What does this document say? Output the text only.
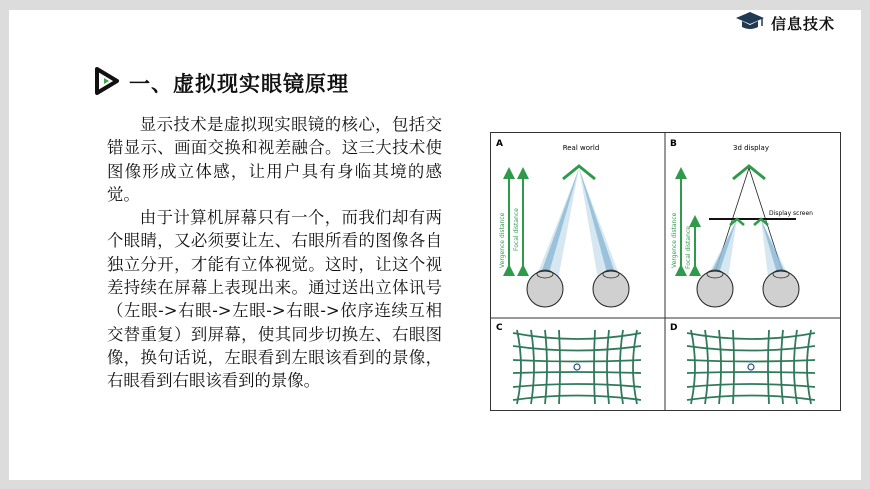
信息技术
一、虚拟现实眼镜原理

显示技术是虚拟现实眼镜的核心，包括交错显示、画面交换和视差融合。这三大技术使图像形成立体感，让用户具有身临其境的感觉。

由于计算机屏幕只有一个，而我们却有两个眼睛，又必须要让左、右眼所看的图像各自独立分开，才能有立体视觉。这时，让这个视差持续在屏幕上表现出来。通过送出立体讯号（左眼->右眼->左眼->右眼->依序连续互相交替重复）到屏幕，使其同步切换左、右眼图像，换句话说，左眼看到左眼该看到的景像，右眼看到右眼该看到的景像。

A	Real world
Vergence distance Focal distance
B	3d display
Display screen
Vergence distance Focal distance
C	D
